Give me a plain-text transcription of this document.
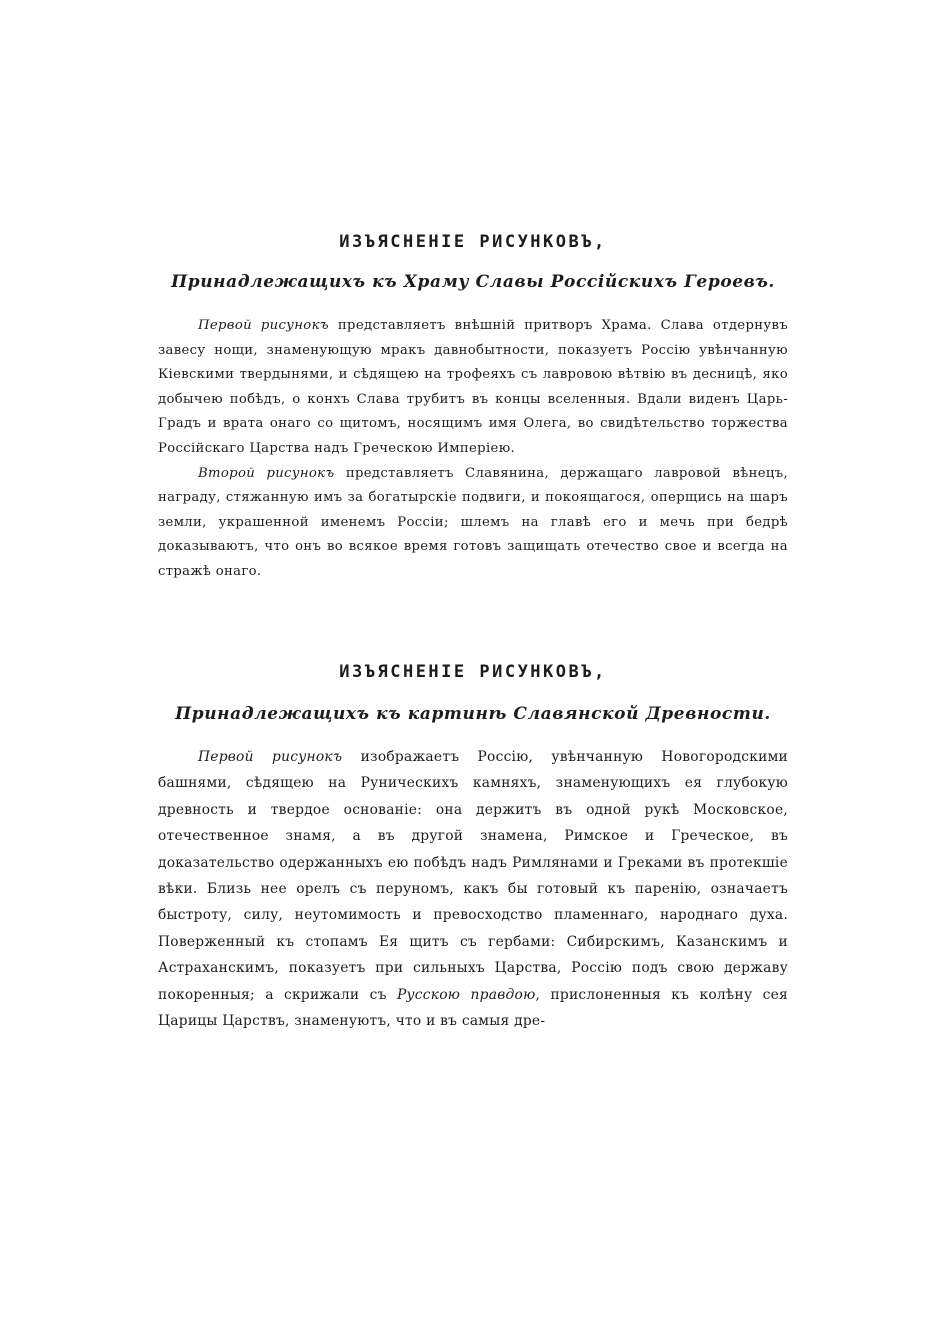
ИЗЪЯСНЕНІЕ РИСУНКОВЪ,
Принадлежащихъ къ Храму Славы Россійскихъ Героевъ.

Первой рисунокъ представляетъ внѣшній притворъ Храма. Слава отдернувъ завесу нощи, знаменующую мракъ давнобытности, показуетъ Россію увѣнчанную Кіевскими твердынями, и сѣдящею на трофеяхъ съ лавровою вѣтвію въ десницѣ, яко добычею побѣдъ, о конхъ Слава трубитъ въ концы вселенныя. Вдали виденъ Царь-Градъ и врата онаго со щитомъ, носящимъ имя Олега, во свидѣтельство торжества Россійскаго Царства надъ Греческою Имперіею.

Второй рисунокъ представляетъ Славянина, держащаго лавровой вѣнецъ, награду, стяжанную имъ за богатырскіе подвиги, и покоящагося, оперщись на шаръ земли, украшенной именемъ Россіи; шлемъ на главѣ его и мечь при бедрѣ доказываютъ, что онъ во всякое время готовъ защищать отечество свое и всегда на стражѣ онаго.

ИЗЪЯСНЕНІЕ РИСУНКОВЪ,
Принадлежащихъ къ картинѣ Славянской Древности.

Первой рисунокъ изображаетъ Россію, увѣнчанную Новогородскими башнями, сѣдящею на Руническихъ камняхъ, знаменующихъ ея глубокую древность и твердое основаніе: она держитъ въ одной рукѣ Московское, отечественное знамя, а въ другой знамена, Римское и Греческое, въ доказательство одержанныхъ ею побѣдъ надъ Римлянами и Греками въ протекшіе вѣки. Близь нее орелъ съ перуномъ, какъ бы готовый къ паренію, означаетъ быстроту, силу, неутомимость и превосходство пламеннаго, народнаго духа. Поверженный къ стопамъ Ея щитъ съ гербами: Сибирскимъ, Казанскимъ и Астраханскимъ, показуетъ при сильныхъ Царства, Россію подъ свою державу покоренныя; а скрижали съ Русскою правдою, прислоненныя къ колѣну сея Царицы Царствъ, знаменуютъ, что и въ самыя дре-
